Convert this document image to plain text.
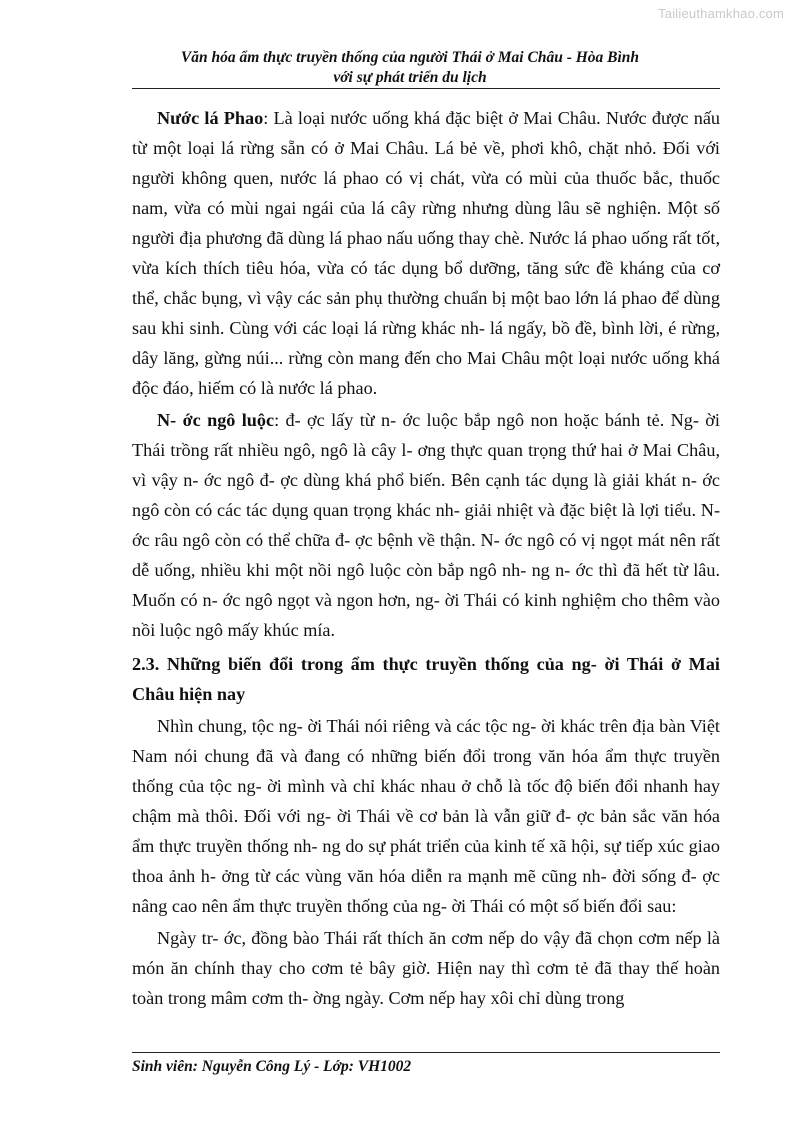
Tailieuthamkhao.com
Văn hóa ẩm thực truyền thống của người Thái ở Mai Châu - Hòa Bình
với sự phát triển du lịch

Nước lá Phao: Là loại nước uống khá đặc biệt ở Mai Châu. Nước được nấu từ một loại lá rừng sẵn có ở Mai Châu. Lá bẻ về, phơi khô, chặt nhỏ. Đối với người không quen, nước lá phao có vị chát, vừa có mùi của thuốc bắc, thuốc nam, vừa có mùi ngai ngái của lá cây rừng nhưng dùng lâu sẽ nghiện. Một số người địa phương đã dùng lá phao nấu uống thay chè. Nước lá phao uống rất tốt, vừa kích thích tiêu hóa, vừa có tác dụng bổ dưỡng, tăng sức đề kháng của cơ thể, chắc bụng, vì vậy các sản phụ thường chuẩn bị một bao lớn lá phao để dùng sau khi sinh. Cùng với các loại lá rừng khác nh- lá ngấy, bồ đề, bình lời, é rừng, dây lăng, gừng núi... rừng còn mang đến cho Mai Châu một loại nước uống khá độc đáo, hiếm có là nước lá phao.

N- ớc ngô luộc: đ- ợc lấy từ n- ớc luộc bắp ngô non hoặc bánh tẻ. Ng- ời Thái trồng rất nhiều ngô, ngô là cây l- ơng thực quan trọng thứ hai ở Mai Châu, vì vậy n- ớc ngô đ- ợc dùng khá phổ biến. Bên cạnh tác dụng là giải khát n- ớc ngô còn có các tác dụng quan trọng khác nh- giải nhiệt và đặc biệt là lợi tiểu. N- ớc râu ngô còn có thể chữa đ- ợc bệnh về thận. N- ớc ngô có vị ngọt mát nên rất dễ uống, nhiều khi một nồi ngô luộc còn bắp ngô nh- ng n- ớc thì đã hết từ lâu. Muốn có n- ớc ngô ngọt và ngon hơn, ng- ời Thái có kinh nghiệm cho thêm vào nồi luộc ngô mấy khúc mía.

2.3. Những biến đổi trong ẩm thực truyền thống của ng- ời Thái ở Mai Châu hiện nay

Nhìn chung, tộc ng- ời Thái nói riêng và các tộc ng- ời khác trên địa bàn Việt Nam nói chung đã và đang có những biến đổi trong văn hóa ẩm thực truyền thống của tộc ng- ời mình và chỉ khác nhau ở chỗ là tốc độ biến đổi nhanh hay chậm mà thôi. Đối với ng- ời Thái về cơ bản là vẫn giữ đ- ợc bản sắc văn hóa ẩm thực truyền thống nh- ng do sự phát triển của kinh tế xã hội, sự tiếp xúc giao thoa ảnh h- ởng từ các vùng văn hóa diễn ra mạnh mẽ cũng nh- đời sống đ- ợc nâng cao nên ẩm thực truyền thống của ng- ời Thái có một số biến đổi sau:

Ngày tr- ớc, đồng bào Thái rất thích ăn cơm nếp do vậy đã chọn cơm nếp là món ăn chính thay cho cơm tẻ bây giờ. Hiện nay thì cơm tẻ đã thay thế hoàn toàn trong mâm cơm th- ờng ngày. Cơm nếp hay xôi chỉ dùng trong

Sinh viên: Nguyễn Công Lý - Lớp: VH1002
